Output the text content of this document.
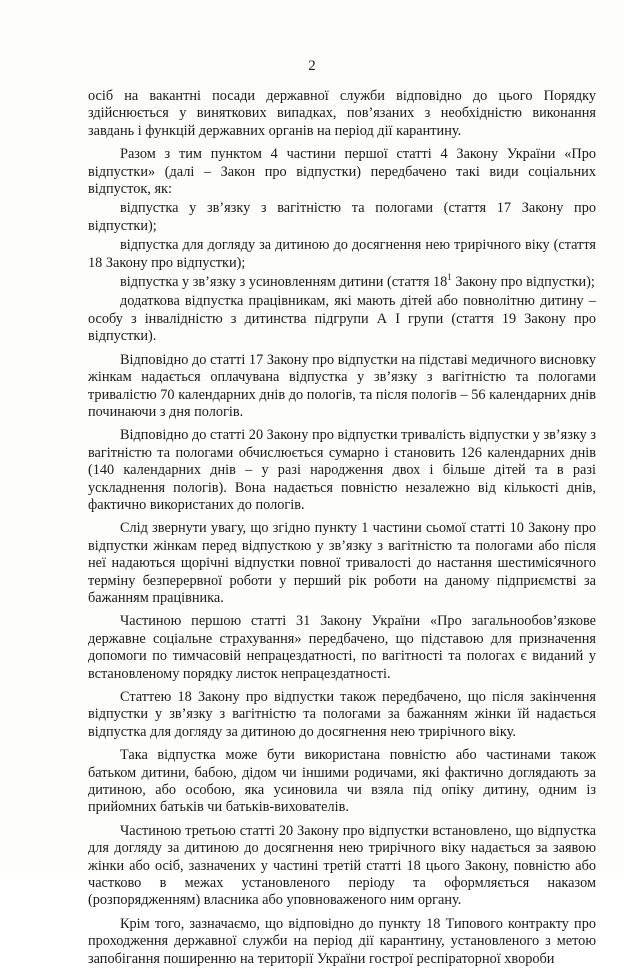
2

осіб на вакантні посади державної служби відповідно до цього Порядку здійснюється у виняткових випадках, пов’язаних з необхідністю виконання завдань і функцій державних органів на період дії карантину.

Разом з тим пунктом 4 частини першої статті 4 Закону України «Про відпустки» (далі – Закон про відпустки) передбачено такі види соціальних відпусток, як:

відпустка у зв’язку з вагітністю та пологами (стаття 17 Закону про відпустки);

відпустка для догляду за дитиною до досягнення нею трирічного віку (стаття 18 Закону про відпустки);

відпустка у зв’язку з усиновленням дитини (стаття $18^1$ Закону про відпустки);

додаткова відпустка працівникам, які мають дітей або повнолітню дитину – особу з інвалідністю з дитинства підгрупи А І групи (стаття 19 Закону про відпустки).

Відповідно до статті 17 Закону про відпустки на підставі медичного висновку жінкам надається оплачувана відпустка у зв’язку з вагітністю та пологами тривалістю 70 календарних днів до пологів, та після пологів – 56 календарних днів починаючи з дня пологів.

Відповідно до статті 20 Закону про відпустки тривалість відпустки у зв’язку з вагітністю та пологами обчислюється сумарно і становить 126 календарних днів (140 календарних днів – у разі народження двох і більше дітей та в разі ускладнення пологів). Вона надається повністю незалежно від кількості днів, фактично використаних до пологів.

Слід звернути увагу, що згідно пункту 1 частини сьомої статті 10 Закону про відпустки жінкам перед відпусткою у зв’язку з вагітністю та пологами або після неї надаються щорічні відпустки повної тривалості до настання шестимісячного терміну безперервної роботи у перший рік роботи на даному підприємстві за бажанням працівника.

Частиною першою статті 31 Закону України «Про загальнообов’язкове державне соціальне страхування» передбачено, що підставою для призначення допомоги по тимчасовій непрацездатності, по вагітності та пологах є виданий у встановленому порядку листок непрацездатності.

Статтею 18 Закону про відпустки також передбачено, що після закінчення відпустки у зв’язку з вагітністю та пологами за бажанням жінки їй надається відпустка для догляду за дитиною до досягнення нею трирічного віку.

Така відпустка може бути використана повністю або частинами також батьком дитини, бабою, дідом чи іншими родичами, які фактично доглядають за дитиною, або особою, яка усиновила чи взяла під опіку дитину, одним із прийомних батьків чи батьків-вихователів.

Частиною третьою статті 20 Закону про відпустки встановлено, що відпустка для догляду за дитиною до досягнення нею трирічного віку надається за заявою жінки або осіб, зазначених у частині третій статті 18 цього Закону, повністю або частково в межах установленого періоду та оформляється наказом (розпорядженням) власника або уповноваженого ним органу.

Крім того, зазначаємо, що відповідно до пункту 18 Типового контракту про проходження державної служби на період дії карантину, установленого з метою запобігання поширенню на території України гострої респіраторної хвороби
